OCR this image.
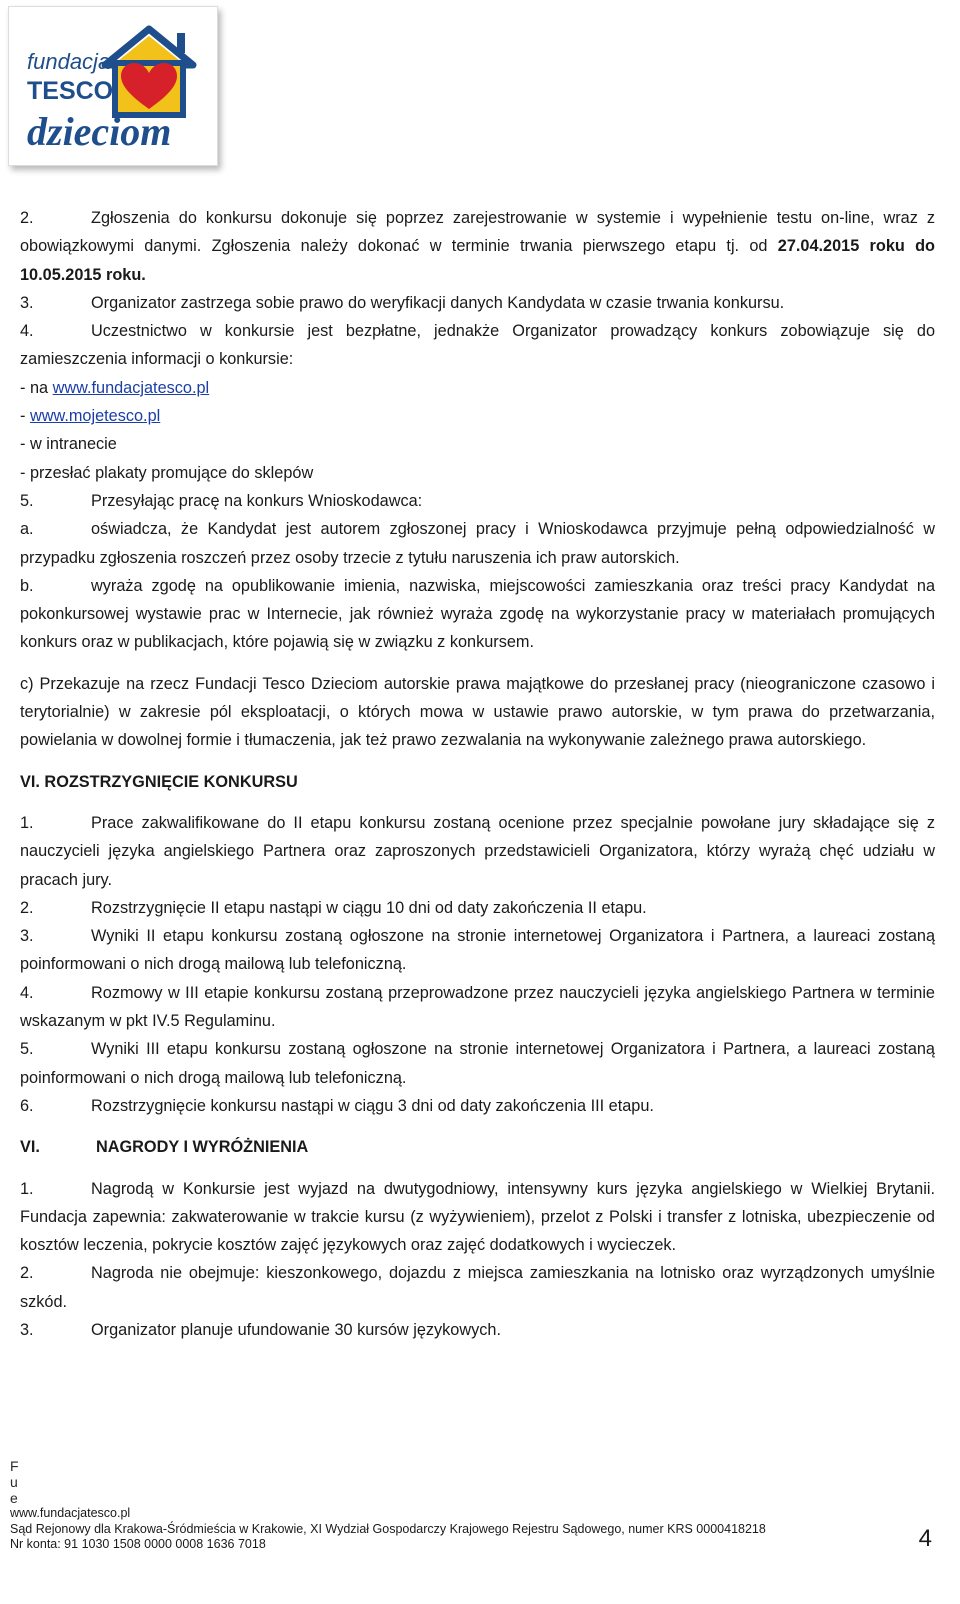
fundacja
TESCO
dzieciom

2.	Zgłoszenia do konkursu dokonuje się poprzez zarejestrowanie w systemie i wypełnienie testu on-line, wraz z obowiązkowymi danymi. Zgłoszenia należy dokonać w terminie trwania pierwszego etapu tj. od 27.04.2015 roku do 10.05.2015 roku.

3.	Organizator zastrzega sobie prawo do weryfikacji danych Kandydata w czasie trwania konkursu.

4.	Uczestnictwo w konkursie jest bezpłatne, jednakże Organizator prowadzący konkurs zobowiązuje się do zamieszczenia informacji o konkursie:

- na www.fundacjatesco.pl

- www.mojetesco.pl

- w intranecie

- przesłać plakaty promujące do sklepów

5.	Przesyłając pracę na konkurs Wnioskodawca:

a.	oświadcza, że Kandydat jest autorem zgłoszonej pracy i Wnioskodawca przyjmuje pełną odpowiedzialność w przypadku zgłoszenia roszczeń przez osoby trzecie z tytułu naruszenia ich praw autorskich.

b.	wyraża zgodę na opublikowanie imienia, nazwiska, miejscowości zamieszkania oraz treści pracy Kandydat na pokonkursowej wystawie prac w Internecie, jak również wyraża zgodę na wykorzystanie pracy w materiałach promujących konkurs oraz w publikacjach, które pojawią się w związku z konkursem.

c) Przekazuje na rzecz Fundacji Tesco Dzieciom autorskie prawa majątkowe do przesłanej pracy (nieograniczone czasowo i terytorialnie) w zakresie pól eksploatacji, o których mowa w ustawie prawo autorskie, w tym prawa do przetwarzania, powielania w dowolnej formie i tłumaczenia, jak też prawo zezwalania na wykonywanie zależnego prawa autorskiego.

VI. ROZSTRZYGNIĘCIE KONKURSU

1.	Prace zakwalifikowane do II etapu konkursu zostaną ocenione przez specjalnie powołane jury składające się z nauczycieli języka angielskiego Partnera oraz zaproszonych przedstawicieli Organizatora, którzy wyrażą chęć udziału w pracach jury.

2.	Rozstrzygnięcie II etapu nastąpi w ciągu 10 dni od daty zakończenia II etapu.

3.	Wyniki II etapu konkursu zostaną ogłoszone na stronie internetowej Organizatora i Partnera, a laureaci zostaną poinformowani o nich drogą mailową lub telefoniczną.

4.	Rozmowy w III etapie konkursu zostaną przeprowadzone przez nauczycieli języka angielskiego Partnera w terminie wskazanym w pkt IV.5 Regulaminu.

5.	Wyniki III etapu konkursu zostaną ogłoszone na stronie internetowej Organizatora i Partnera, a laureaci zostaną poinformowani o nich drogą mailową lub telefoniczną.

6.	Rozstrzygnięcie konkursu nastąpi w ciągu 3 dni od daty zakończenia III etapu.

VI.	NAGRODY I WYRÓŻNIENIA

1.	Nagrodą w Konkursie jest wyjazd na dwutygodniowy, intensywny kurs języka angielskiego w Wielkiej Brytanii. Fundacja zapewnia: zakwaterowanie w trakcie kursu (z wyżywieniem), przelot z Polski i transfer z lotniska, ubezpieczenie od kosztów leczenia, pokrycie kosztów zajęć językowych oraz zajęć dodatkowych i wycieczek.

2.	Nagroda nie obejmuje: kieszonkowego, dojazdu z miejsca zamieszkania na lotnisko oraz wyrządzonych umyślnie szkód.

3.	Organizator planuje ufundowanie 30 kursów językowych.

F
u
e
www.fundacjatesco.pl
Sąd Rejonowy dla Krakowa-Śródmieścia w Krakowie, XI Wydział Gospodarczy Krajowego Rejestru Sądowego, numer KRS 0000418218
Nr konta: 91 1030 1508 0000 0008 1636 7018	4
